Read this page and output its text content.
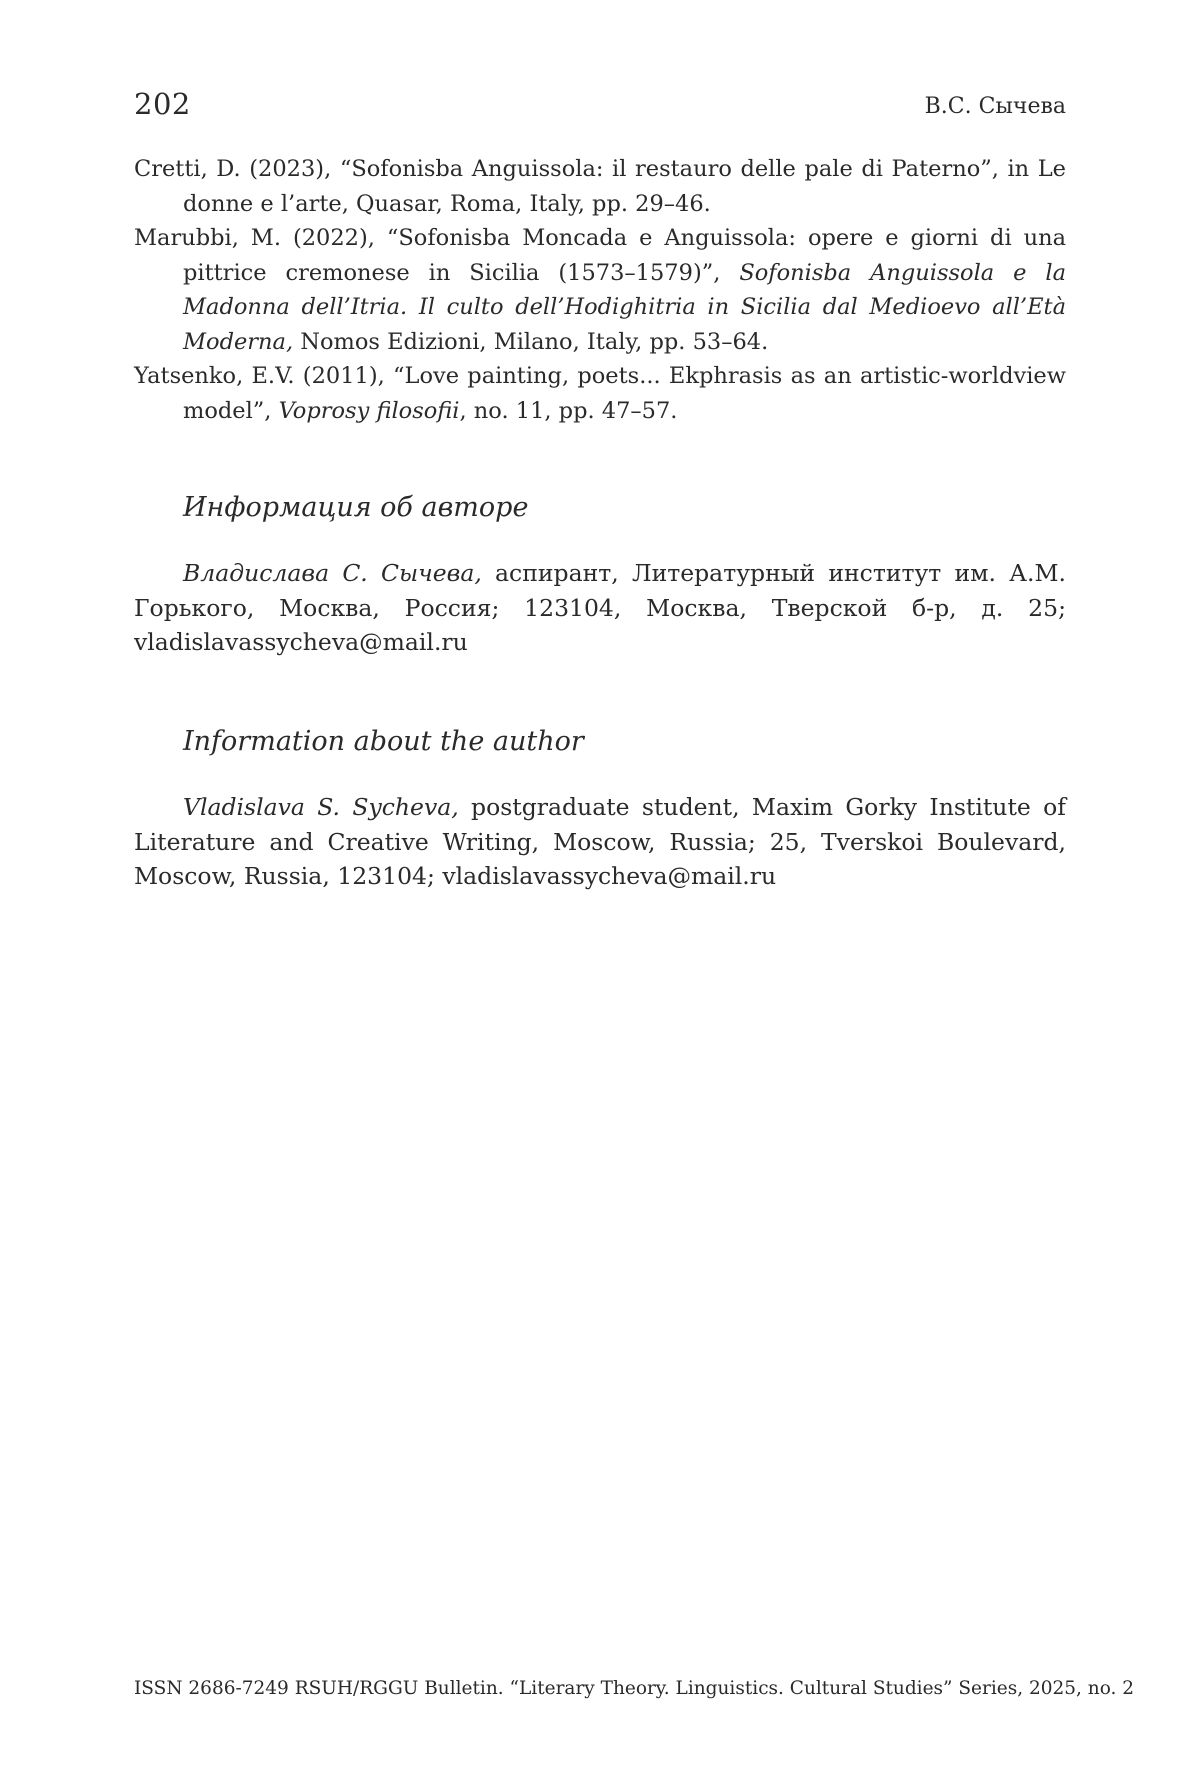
202	В.С. Сычева

Cretti, D. (2023), “Sofonisba Anguissola: il restauro delle pale di Paterno”, in Le donne e l’arte, Quasar, Roma, Italy, pp. 29–46.

Marubbi, M. (2022), “Sofonisba Moncada e Anguissola: opere e giorni di una pittrice cremonese in Sicilia (1573–1579)”, Sofonisba Anguissola e la Madonna dell’Itria. Il culto dell’Hodighitria in Sicilia dal Medioevo all’Età Moderna, Nomos Edizioni, Milano, Italy, pp. 53–64.

Yatsenko, E.V. (2011), “Love painting, poets... Ekphrasis as an artistic-worldview model”, Voprosy filosofii, no. 11, pp. 47–57.

Информация об авторе

Владислава С. Сычева, аспирант, Литературный институт им. А.М. Горького, Москва, Россия; 123104, Москва, Тверской б-р, д. 25; vladislavassycheva@mail.ru

Information about the author

Vladislava S. Sycheva, postgraduate student, Maxim Gorky Institute of Literature and Creative Writing, Moscow, Russia; 25, Tverskoi Boulevard, Moscow, Russia, 123104; vladislavassycheva@mail.ru

ISSN 2686-7249 RSUH/RGGU Bulletin. “Literary Theory. Linguistics. Cultural Studies” Series, 2025, no. 2
